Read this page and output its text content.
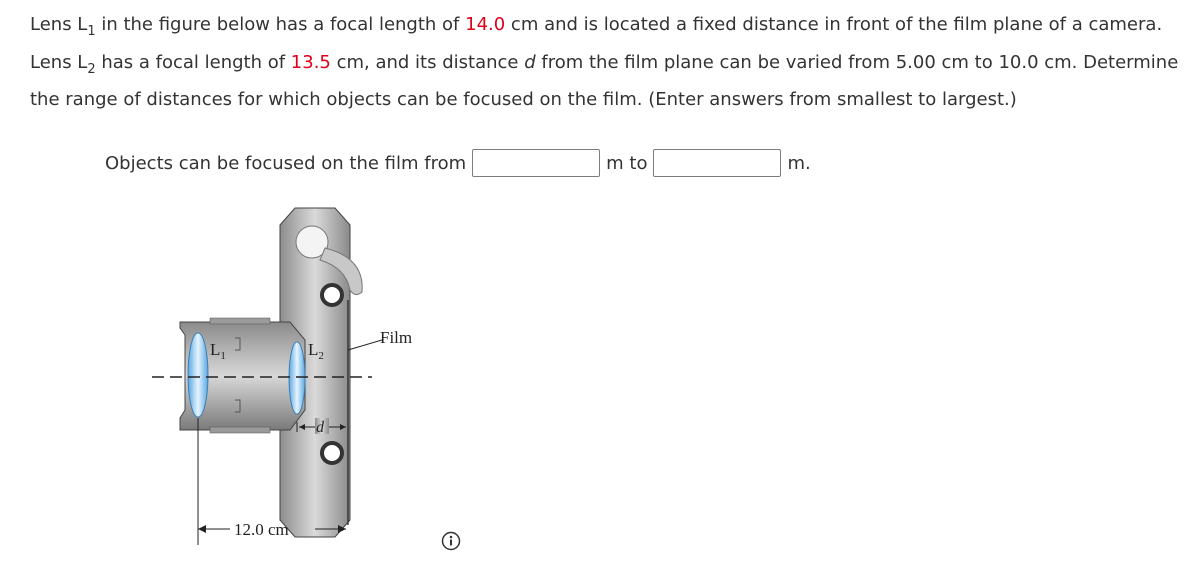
Lens $L_1$ in the figure below has a focal length of 14.0 cm and is located a fixed distance in front of the film plane of a camera. Lens $L_2$ has a focal length of 13.5 cm, and its distance d from the film plane can be varied from 5.00 cm to 10.0 cm. Determine the range of distances for which objects can be focused on the film. (Enter answers from smallest to largest.)

Objects can be focused on the film from	m to	m.
Film
$L_1$	$L_2$
d
12.0 cm
